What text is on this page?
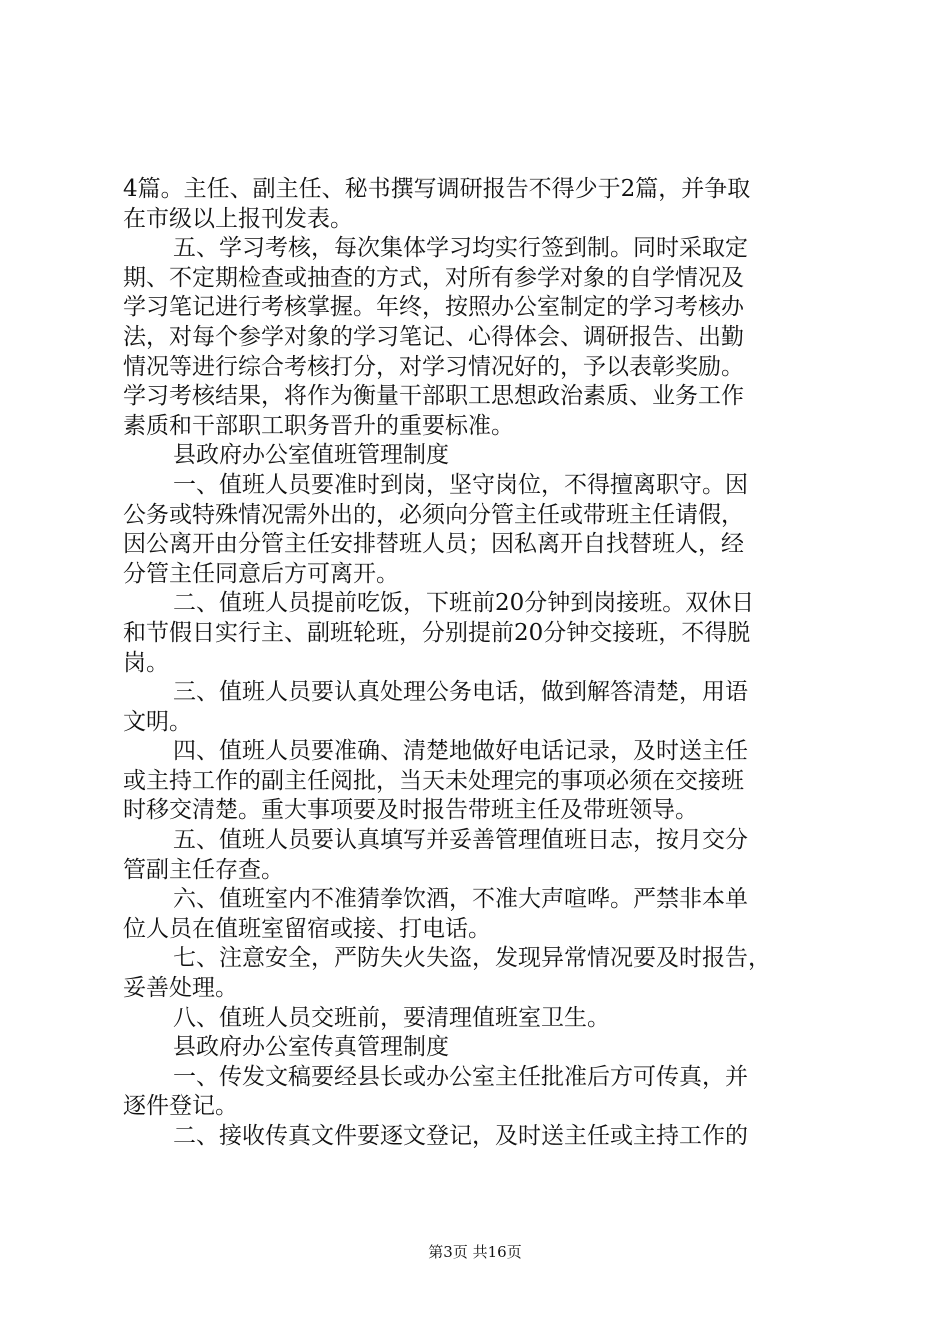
4篇。主任、副主任、秘书撰写调研报告不得少于2篇，并争取
在市级以上报刊发表。
五、学习考核，每次集体学习均实行签到制。同时采取定
期、不定期检查或抽查的方式，对所有参学对象的自学情况及
学习笔记进行考核掌握。年终，按照办公室制定的学习考核办
法，对每个参学对象的学习笔记、心得体会、调研报告、出勤
情况等进行综合考核打分，对学习情况好的，予以表彰奖励。
学习考核结果，将作为衡量干部职工思想政治素质、业务工作
素质和干部职工职务晋升的重要标准。
县政府办公室值班管理制度
一、值班人员要准时到岗，坚守岗位，不得擅离职守。因
公务或特殊情况需外出的，必须向分管主任或带班主任请假，
因公离开由分管主任安排替班人员；因私离开自找替班人，经
分管主任同意后方可离开。
二、值班人员提前吃饭，下班前20分钟到岗接班。双休日
和节假日实行主、副班轮班，分别提前20分钟交接班，不得脱
岗。
三、值班人员要认真处理公务电话，做到解答清楚，用语
文明。
四、值班人员要准确、清楚地做好电话记录，及时送主任
或主持工作的副主任阅批，当天未处理完的事项必须在交接班
时移交清楚。重大事项要及时报告带班主任及带班领导。
五、值班人员要认真填写并妥善管理值班日志，按月交分
管副主任存查。
六、值班室内不准猜拳饮酒，不准大声喧哗。严禁非本单
位人员在值班室留宿或接、打电话。
七、注意安全，严防失火失盗，发现异常情况要及时报告，
妥善处理。
八、值班人员交班前，要清理值班室卫生。
县政府办公室传真管理制度
一、传发文稿要经县长或办公室主任批准后方可传真，并
逐件登记。
二、接收传真文件要逐文登记，及时送主任或主持工作的
第3页 共16页
